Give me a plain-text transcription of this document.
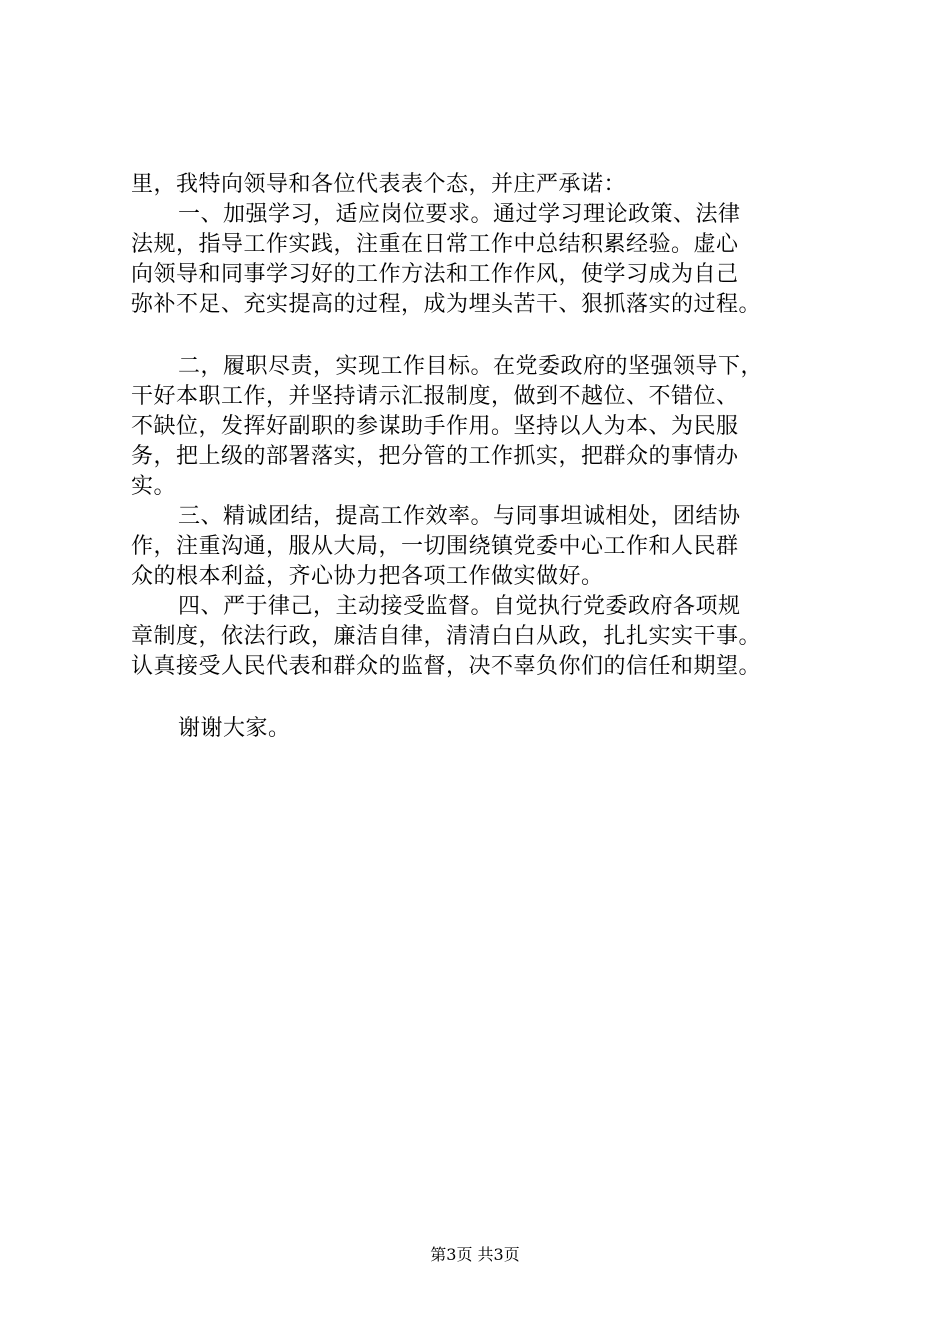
里，我特向领导和各位代表表个态，并庄严承诺：
一、加强学习，适应岗位要求。通过学习理论政策、法律
法规，指导工作实践，注重在日常工作中总结积累经验。虚心
向领导和同事学习好的工作方法和工作作风，使学习成为自己
弥补不足、充实提高的过程，成为埋头苦干、狠抓落实的过程。
二，履职尽责，实现工作目标。在党委政府的坚强领导下，
干好本职工作，并坚持请示汇报制度，做到不越位、不错位、
不缺位，发挥好副职的参谋助手作用。坚持以人为本、为民服
务，把上级的部署落实，把分管的工作抓实，把群众的事情办
实。
三、精诚团结，提高工作效率。与同事坦诚相处，团结协
作，注重沟通，服从大局，一切围绕镇党委中心工作和人民群
众的根本利益，齐心协力把各项工作做实做好。
四、严于律己，主动接受监督。自觉执行党委政府各项规
章制度，依法行政，廉洁自律，清清白白从政，扎扎实实干事。
认真接受人民代表和群众的监督，决不辜负你们的信任和期望。
谢谢大家。
第3页 共3页
